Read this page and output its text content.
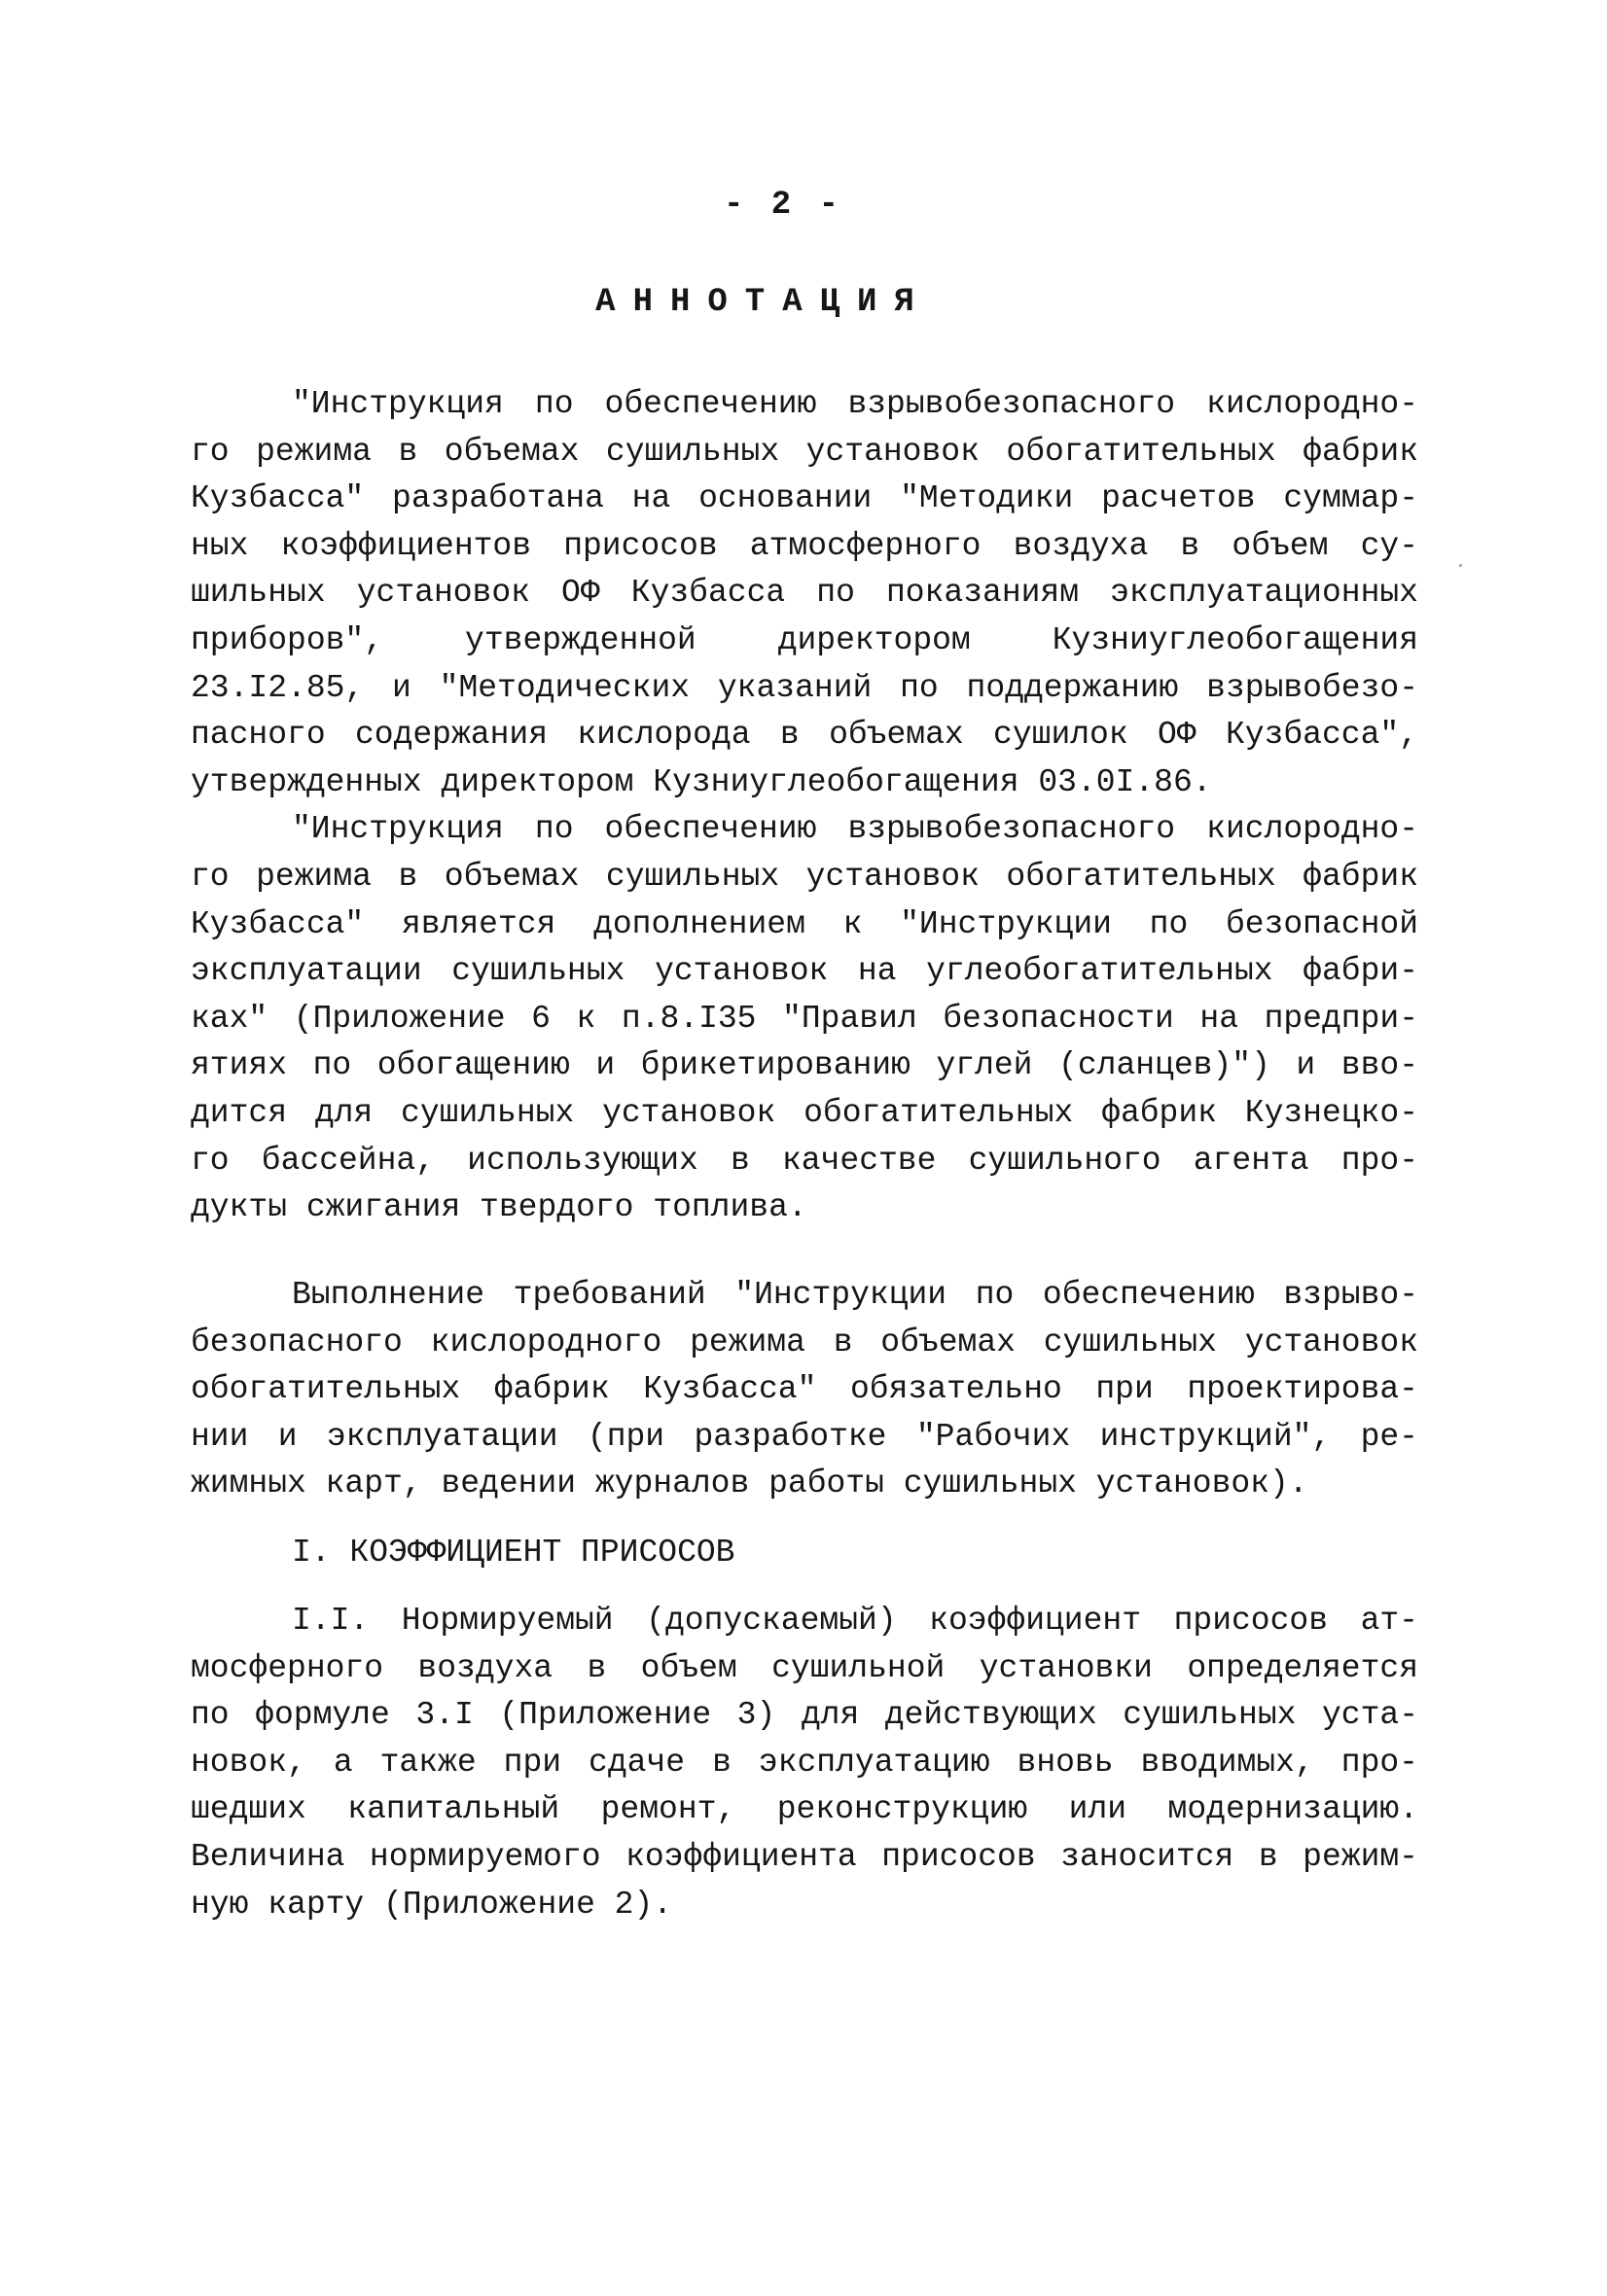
- 2 -
АННОТАЦИЯ
"Инструкция по обеспечению взрывобезопасного кислородно-
го режима в объемах сушильных установок обогатительных фабрик
Кузбасса" разработана на основании "Методики расчетов суммар-
ных коэффициентов присосов атмосферного воздуха в объем су-
шильных установок ОФ Кузбасса по показаниям эксплуатационных
приборов", утвержденной директором Кузниуглеобогащения
23.I2.85, и "Методических указаний по поддержанию взрывобезо-
пасного содержания кислорода в объемах сушилок ОФ Кузбасса",
утвержденных директором Кузниуглеобогащения 03.0I.86.
"Инструкция по обеспечению взрывобезопасного кислородно-
го режима в объемах сушильных установок обогатительных фабрик
Кузбасса" является дополнением к "Инструкции по безопасной
эксплуатации сушильных установок на углеобогатительных фабри-
ках" (Приложение 6 к п.8.I35 "Правил безопасности на предпри-
ятиях по обогащению и брикетированию углей (сланцев)") и вво-
дится для сушильных установок обогатительных фабрик Кузнецко-
го бассейна, использующих в качестве сушильного агента про-
дукты сжигания твердого топлива.
Выполнение требований "Инструкции по обеспечению взрыво-
безопасного кислородного режима в объемах сушильных установок
обогатительных фабрик Кузбасса" обязательно при проектирова-
нии и эксплуатации (при разработке "Рабочих инструкций", ре-
жимных карт, ведении журналов работы сушильных установок).
I. КОЭФФИЦИЕНТ ПРИСОСОВ
I.I. Нормируемый (допускаемый) коэффициент присосов ат-
мосферного воздуха в объем сушильной установки определяется
по формуле 3.I (Приложение 3) для действующих сушильных уста-
новок, а также при сдаче в эксплуатацию вновь вводимых, про-
шедших капитальный ремонт, реконструкцию или модернизацию.
Величина нормируемого коэффициента присосов заносится в режим-
ную карту (Приложение 2).
